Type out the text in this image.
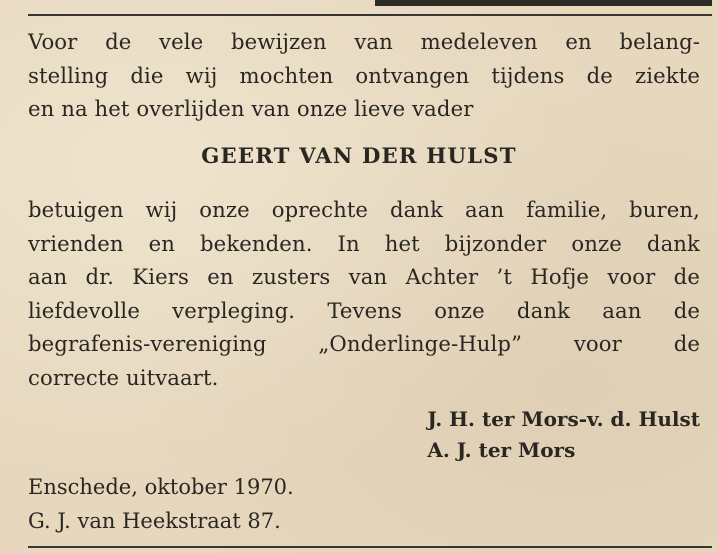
Voor de vele bewijzen van medeleven en belang-
stelling die wij mochten ontvangen tijdens de ziekte
en na het overlijden van onze lieve vader
GEERT VAN DER HULST
betuigen wij onze oprechte dank aan familie, buren,
vrienden en bekenden. In het bijzonder onze dank
aan dr. Kiers en zusters van Achter ’t Hofje voor de
liefdevolle verpleging. Tevens onze dank aan de
begrafenis-vereniging „Onderlinge-Hulp” voor de
correcte uitvaart.
J. H. ter Mors-v. d. Hulst
A. J. ter Mors
Enschede, oktober 1970.
G. J. van Heekstraat 87.
